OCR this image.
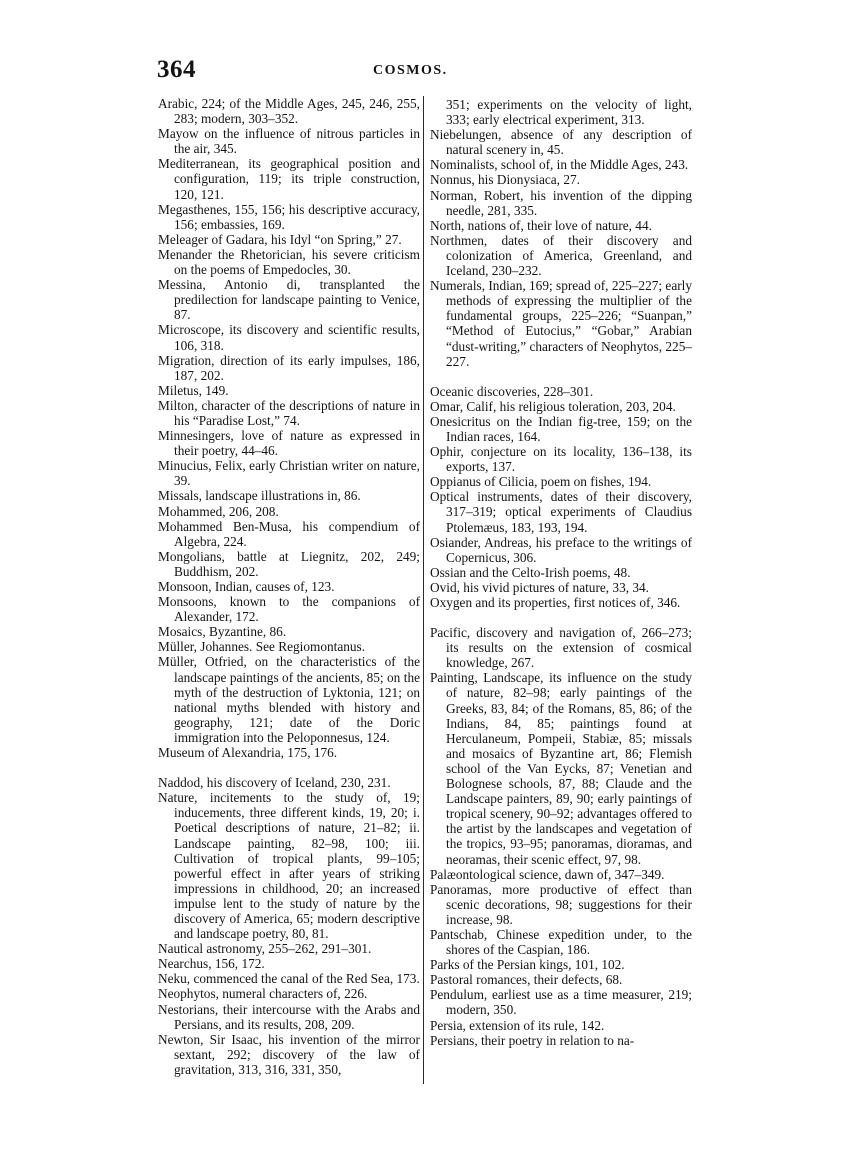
364	COSMOS.

Arabic, 224; of the Middle Ages, 245, 246, 255, 283; modern, 303–352.

Mayow on the influence of nitrous particles in the air, 345.

Mediterranean, its geographical position and configuration, 119; its triple construction, 120, 121.

Megasthenes, 155, 156; his descriptive accuracy, 156; embassies, 169.

Meleager of Gadara, his Idyl “on Spring,” 27.

Menander the Rhetorician, his severe criticism on the poems of Empedocles, 30.

Messina, Antonio di, transplanted the predilection for landscape painting to Venice, 87.

Microscope, its discovery and scientific results, 106, 318.

Migration, direction of its early impulses, 186, 187, 202.

Miletus, 149.

Milton, character of the descriptions of nature in his “Paradise Lost,” 74.

Minnesingers, love of nature as expressed in their poetry, 44–46.

Minucius, Felix, early Christian writer on nature, 39.

Missals, landscape illustrations in, 86.

Mohammed, 206, 208.

Mohammed Ben-Musa, his compendium of Algebra, 224.

Mongolians, battle at Liegnitz, 202, 249; Buddhism, 202.

Monsoon, Indian, causes of, 123.

Monsoons, known to the companions of Alexander, 172.

Mosaics, Byzantine, 86.

Müller, Johannes. See Regiomontanus.

Müller, Otfried, on the characteristics of the landscape paintings of the ancients, 85; on the myth of the destruction of Lyktonia, 121; on national myths blended with history and geography, 121; date of the Doric immigration into the Peloponnesus, 124.

Museum of Alexandria, 175, 176.

Naddod, his discovery of Iceland, 230, 231.

Nature, incitements to the study of, 19; inducements, three different kinds, 19, 20; i. Poetical descriptions of nature, 21–82; ii. Landscape painting, 82–98, 100; iii. Cultivation of tropical plants, 99–105; powerful effect in after years of striking impressions in childhood, 20; an increased impulse lent to the study of nature by the discovery of America, 65; modern descriptive and landscape poetry, 80, 81.

Nautical astronomy, 255–262, 291–301.

Nearchus, 156, 172.

Neku, commenced the canal of the Red Sea, 173.

Neophytos, numeral characters of, 226.

Nestorians, their intercourse with the Arabs and Persians, and its results, 208, 209.

Newton, Sir Isaac, his invention of the mirror sextant, 292; discovery of the law of gravitation, 313, 316, 331, 350,

351; experiments on the velocity of light, 333; early electrical experiment, 313.

Niebelungen, absence of any description of natural scenery in, 45.

Nominalists, school of, in the Middle Ages, 243.

Nonnus, his Dionysiaca, 27.

Norman, Robert, his invention of the dipping needle, 281, 335.

North, nations of, their love of nature, 44.

Northmen, dates of their discovery and colonization of America, Greenland, and Iceland, 230–232.

Numerals, Indian, 169; spread of, 225–227; early methods of expressing the multiplier of the fundamental groups, 225–226; “Suanpan,” “Method of Eutocius,” “Gobar,” Arabian “dust-writing,” characters of Neophytos, 225–227.

Oceanic discoveries, 228–301.

Omar, Calif, his religious toleration, 203, 204.

Onesicritus on the Indian fig-tree, 159; on the Indian races, 164.

Ophir, conjecture on its locality, 136–138, its exports, 137.

Oppianus of Cilicia, poem on fishes, 194.

Optical instruments, dates of their discovery, 317–319; optical experiments of Claudius Ptolemæus, 183, 193, 194.

Osiander, Andreas, his preface to the writings of Copernicus, 306.

Ossian and the Celto-Irish poems, 48.

Ovid, his vivid pictures of nature, 33, 34.

Oxygen and its properties, first notices of, 346.

Pacific, discovery and navigation of, 266–273; its results on the extension of cosmical knowledge, 267.

Painting, Landscape, its influence on the study of nature, 82–98; early paintings of the Greeks, 83, 84; of the Romans, 85, 86; of the Indians, 84, 85; paintings found at Herculaneum, Pompeii, Stabiæ, 85; missals and mosaics of Byzantine art, 86; Flemish school of the Van Eycks, 87; Venetian and Bolognese schools, 87, 88; Claude and the Landscape painters, 89, 90; early paintings of tropical scenery, 90–92; advantages offered to the artist by the landscapes and vegetation of the tropics, 93–95; panoramas, dioramas, and neoramas, their scenic effect, 97, 98.

Palæontological science, dawn of, 347–349.

Panoramas, more productive of effect than scenic decorations, 98; suggestions for their increase, 98.

Pantschab, Chinese expedition under, to the shores of the Caspian, 186.

Parks of the Persian kings, 101, 102.

Pastoral romances, their defects, 68.

Pendulum, earliest use as a time measurer, 219; modern, 350.

Persia, extension of its rule, 142.

Persians, their poetry in relation to na-
